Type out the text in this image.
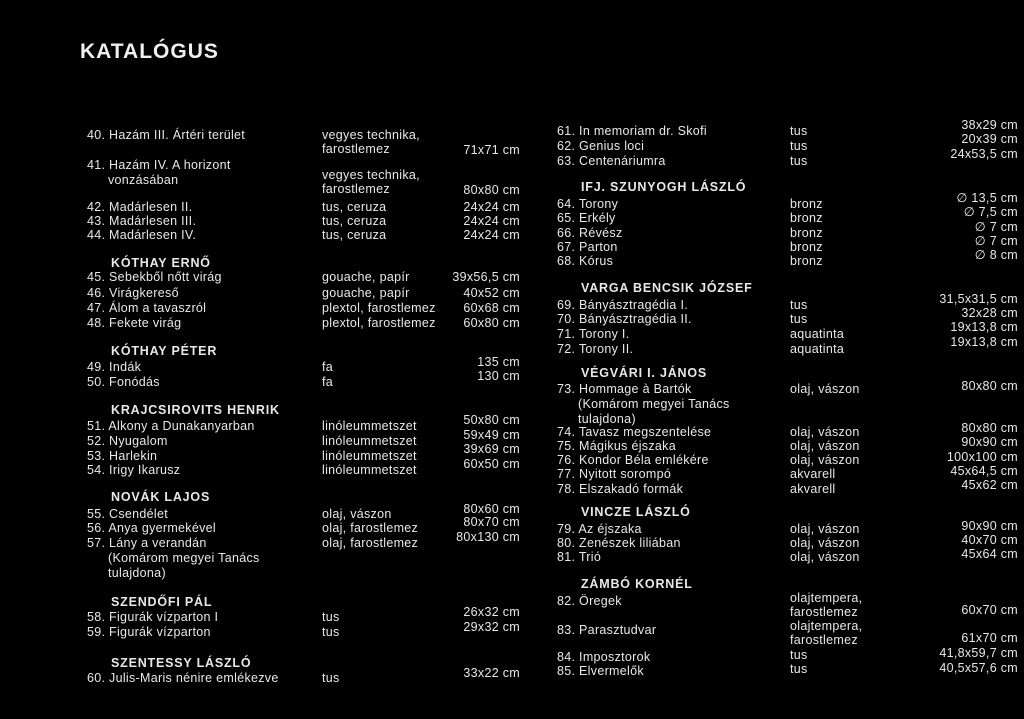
KATALÓGUS
40. Hazám III. Ártéri terület	vegyes technika,
farostlemez	71x71 cm
41. Hazám IV. A horizont
vonzásában	vegyes technika,
farostlemez	80x80 cm
42. Madárlesen II.	tus, ceruza	24x24 cm
43. Madárlesen III.	tus, ceruza	24x24 cm
44. Madárlesen IV.	tus, ceruza	24x24 cm
KÓTHAY ERNŐ
45. Sebekből nőtt virág	gouache, papír	39x56,5 cm
46. Virágkereső	gouache, papír	40x52 cm
47. Álom a tavaszról	plextol, farostlemez 60x68 cm
48. Fekete virág	plextol, farostlemez 60x80 cm
KÓTHAY PÉTER
49. Indák	fa	135 cm
50. Fonódás	fa	130 cm
KRAJCSIROVITS HENRIK
51. Alkony a Dunakanyarban	linóleummetszet	50x80 cm
52. Nyugalom	linóleummetszet	59x49 cm
53. Harlekin	linóleummetszet	39x69 cm
54. Irigy Ikarusz	linóleummetszet	60x50 cm
NOVÁK LAJOS
55. Csendélet	olaj, vászon	80x60 cm
56. Anya gyermekével	olaj, farostlemez	80x70 cm
57. Lány a verandán
(Komárom megyei Tanács
tulajdona)
olaj, farostlemez	80x130 cm
SZENDŐFI PÁL
58. Figurák vízparton I	tus	26x32 cm
59. Figurák vízparton	tus	29x32 cm
SZENTESSY LÁSZLÓ
60. Julis-Maris nénire emlékezve	tus	33x22 cm
61. In memoriam dr. Skofi	tus	38x29 cm
62. Genius loci	tus	20x39 cm
63. Centenáriumra	tus	24x53,5 cm
IFJ. SZUNYOGH LÁSZLÓ
64. Torony	bronz	∅ 13,5 cm
65. Erkély	bronz	∅ 7,5 cm
66. Révész	bronz	∅ 7 cm
67. Parton	bronz	∅ 7 cm
68. Kórus	bronz	∅ 8 cm
VARGA BENCSIK JÓZSEF
69. Bányásztragédia I.	tus	31,5x31,5 cm
70. Bányásztragédia II.	tus	32x28 cm
71. Torony I.	aquatinta	19x13,8 cm
72. Torony II.	aquatinta	19x13,8 cm
VÉGVÁRI I. JÁNOS
73. Hommage à Bartók
(Komárom megyei Tanács
tulajdona)
olaj, vászon	80x80 cm
74. Tavasz megszentelése	olaj, vászon	80x80 cm
75. Mágikus éjszaka	olaj, vászon	90x90 cm
76. Kondor Béla emlékére	olaj, vászon	100x100 cm
77. Nyitott sorompó	akvarell	45x64,5 cm
78. Elszakadó formák	akvarell	45x62 cm
VINCZE LÁSZLÓ
79. Az éjszaka	olaj, vászon	90x90 cm
80. Zenészek liliában	olaj, vászon	40x70 cm
81. Trió	olaj, vászon	45x64 cm
ZÁMBÓ KORNÉL
82. Öregek	olajtempera,
farostlemez	60x70 cm
83. Parasztudvar	olajtempera,
farostlemez	61x70 cm
84. Imposztorok	tus	41,8x59,7 cm
85. Elvermelők	tus	40,5x57,6 cm
